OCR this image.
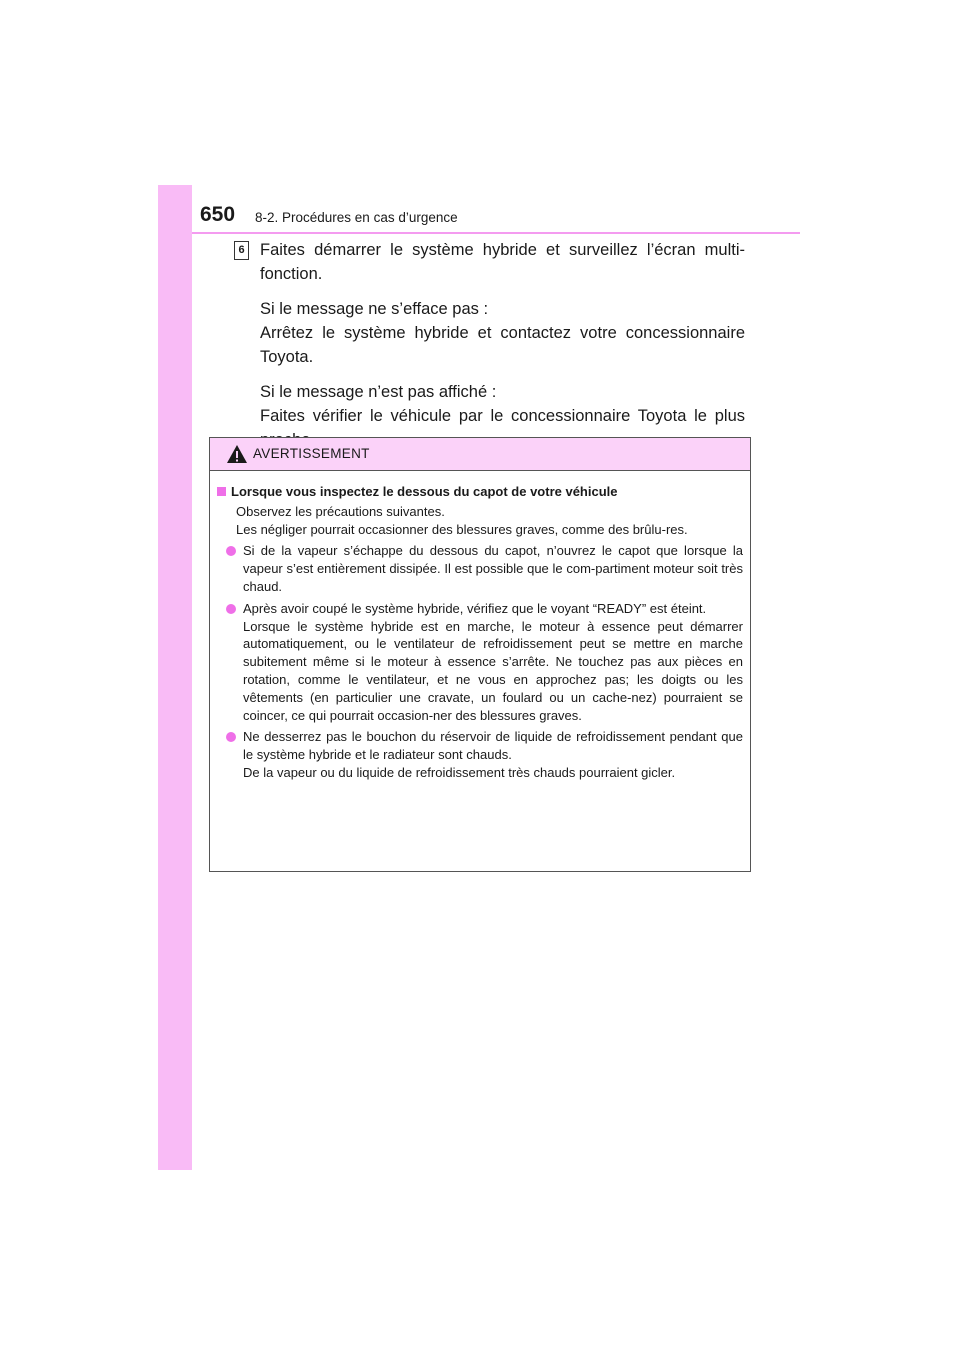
650 8-2. Procédures en cas d’urgence
6 Faites démarrer le système hybride et surveillez l’écran multi-fonction.

Si le message ne s’efface pas :
Arrêtez le système hybride et contactez votre concessionnaire Toyota.

Si le message n’est pas affiché :
Faites vérifier le véhicule par le concessionnaire Toyota le plus

AVERTISSEMENT
Lorsque vous inspectez le dessous du capot de votre véhicule
Observez les précautions suivantes.
Les négliger pourrait occasionner des blessures graves, comme des brûlu-res.
Si de la vapeur s’échappe du dessous du capot, n’ouvrez le capot que lorsque la vapeur s’est entièrement dissipée. Il est possible que le com-partiment moteur soit très chaud.
Après avoir coupé le système hybride, vérifiez que le voyant “READY” est éteint.
Lorsque le système hybride est en marche, le moteur à essence peut démarrer automatiquement, ou le ventilateur de refroidissement peut se mettre en marche subitement même si le moteur à essence s’arrête. Ne touchez pas aux pièces en rotation, comme le ventilateur, et ne vous en approchez pas; les doigts ou les vêtements (en particulier une cravate, un foulard ou un cache-nez) pourraient se coincer, ce qui pourrait occasion-ner des blessures graves.
Ne desserrez pas le bouchon du réservoir de liquide de refroidissement pendant que le système hybride et le radiateur sont chauds.
De la vapeur ou du liquide de refroidissement très chauds pourraient gicler.
